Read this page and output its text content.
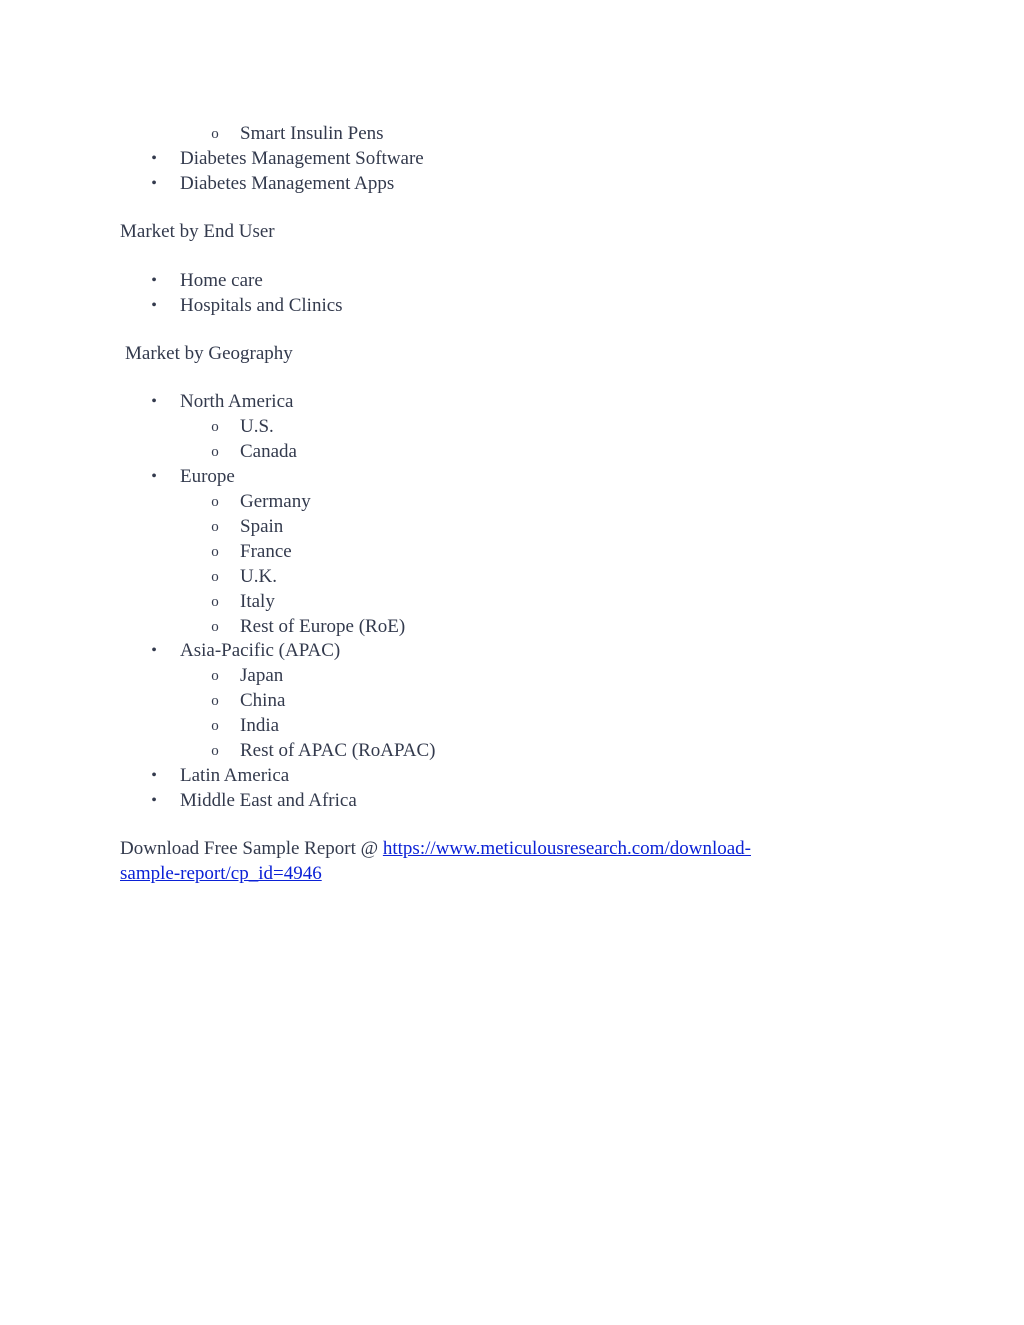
o	Smart Insulin Pens
•	Diabetes Management Software
•	Diabetes Management Apps
Market by End User
•	Home care
•	Hospitals and Clinics
Market by Geography
•	North America
o	U.S.
o	Canada
•	Europe
o	Germany
o	Spain
o	France
o	U.K.
o	Italy
o	Rest of Europe (RoE)
•	Asia-Pacific (APAC)
o	Japan
o	China
o	India
o	Rest of APAC (RoAPAC)
•	Latin America
•	Middle East and Africa
Download Free Sample Report @ https://www.meticulousresearch.com/download-
sample-report/cp_id=4946
